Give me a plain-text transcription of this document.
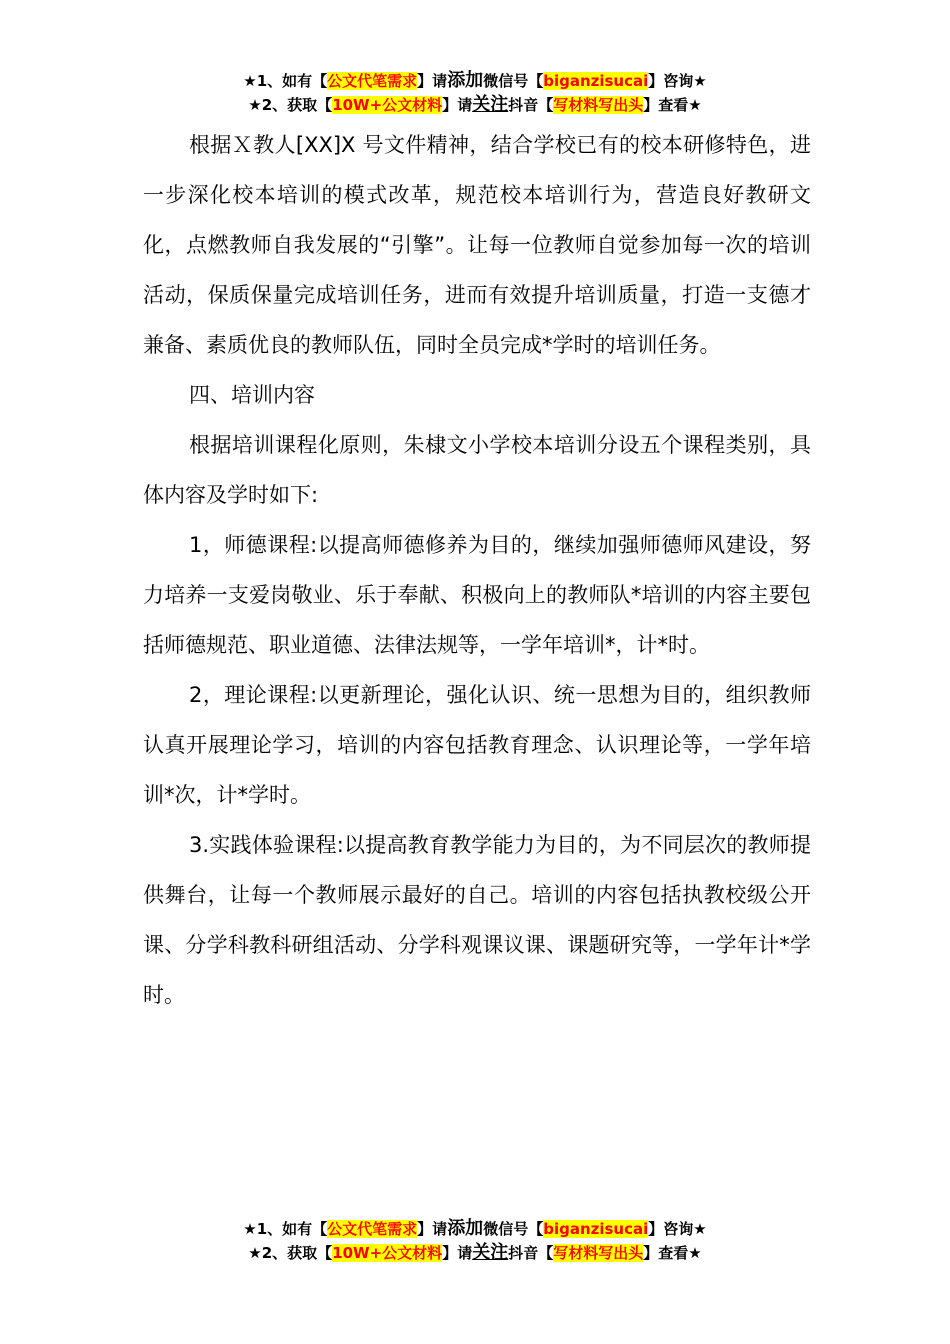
★1、如有【公文代笔需求】请添加微信号【biganzisucai】咨询★
★2、获取【10W+公文材料】请关注抖音【写材料写出头】查看★

根据Ｘ教人[XX]X 号文件精神，结合学校已有的校本研修特色，进一步深化校本培训的模式改革，规范校本培训行为，营造良好教研文化，点燃教师自我发展的“引擎”。让每一位教师自觉参加每一次的培训活动，保质保量完成培训任务，进而有效提升培训质量，打造一支德才兼备、素质优良的教师队伍，同时全员完成*学时的培训任务。

四、培训内容

根据培训课程化原则，朱棣文小学校本培训分设五个课程类别，具体内容及学时如下:

1，师德课程:以提高师德修养为目的，继续加强师德师风建设，努力培养一支爱岗敬业、乐于奉献、积极向上的教师队*培训的内容主要包括师德规范、职业道德、法律法规等，一学年培训*，计*时。

2，理论课程:以更新理论，强化认识、统一思想为目的，组织教师认真开展理论学习，培训的内容包括教育理念、认识理论等，一学年培训*次，计*学时。

3.实践体验课程:以提高教育教学能力为目的，为不同层次的教师提供舞台，让每一个教师展示最好的自己。培训的内容包括执教校级公开课、分学科教科研组活动、分学科观课议课、课题研究等，一学年计*学时。

★1、如有【公文代笔需求】请添加微信号【biganzisucai】咨询★
★2、获取【10W+公文材料】请关注抖音【写材料写出头】查看★
